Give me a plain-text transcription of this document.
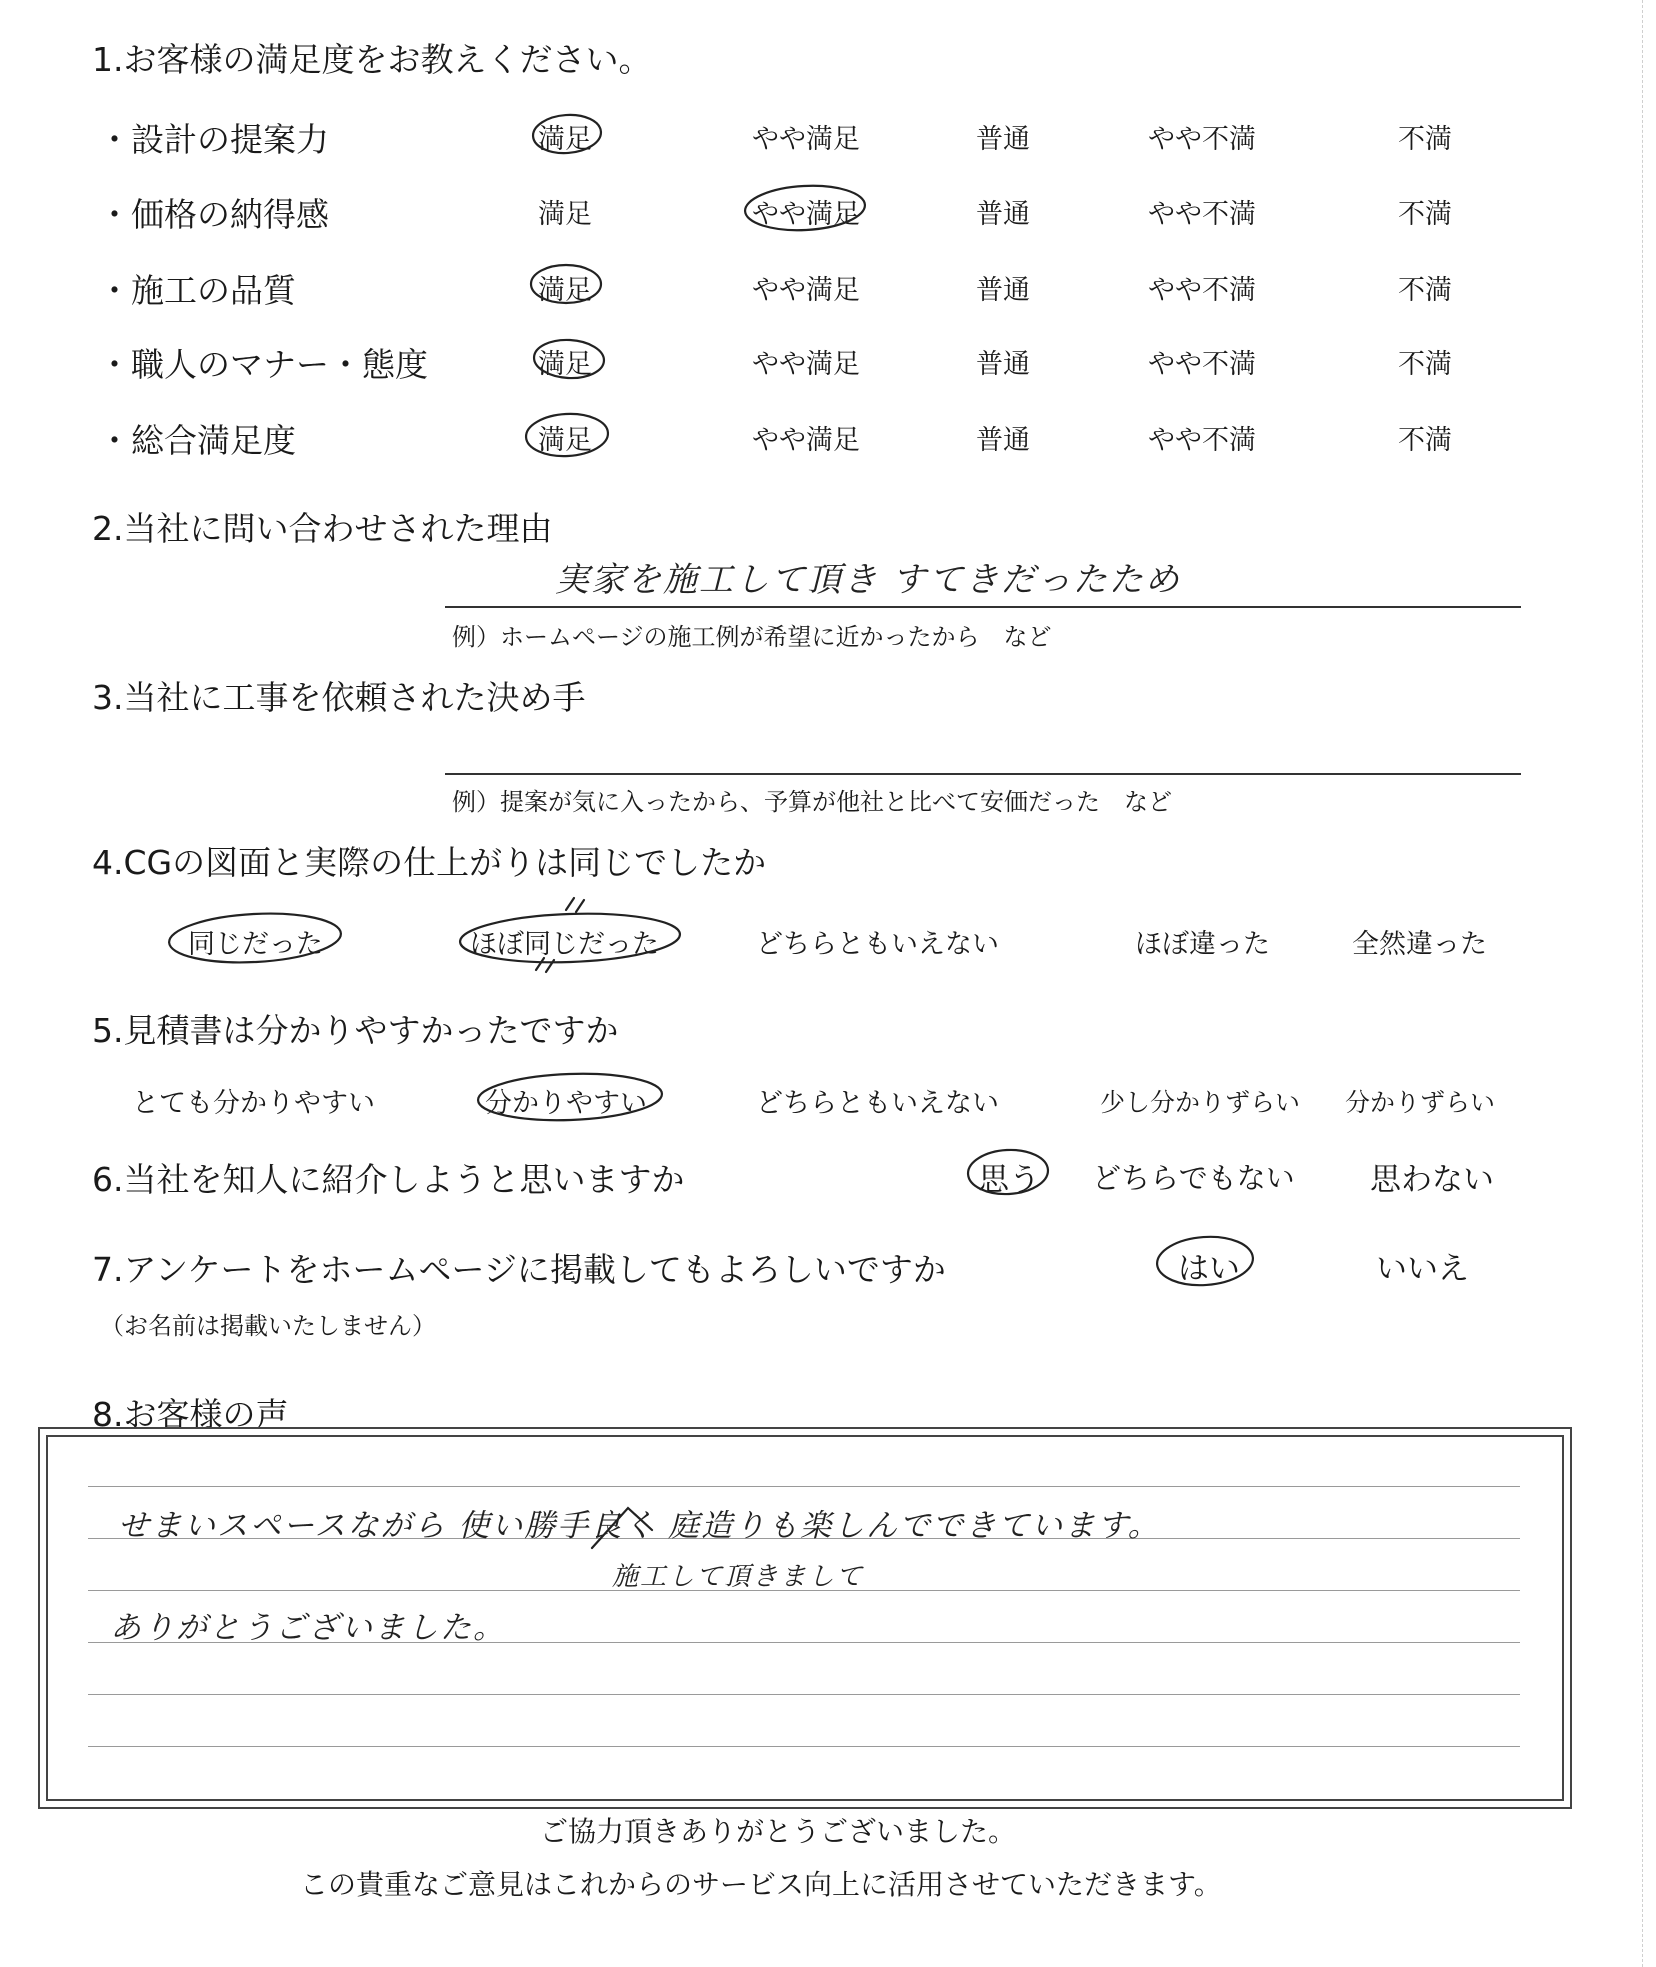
1.お客様の満足度をお教えください。
・設計の提案力	満足	やや満足	普通	やや不満	不満
・価格の納得感	満足	やや満足	普通	やや不満	不満
・施工の品質	満足	やや満足	普通	やや不満	不満
・職人のマナー・態度	満足	やや満足	普通	やや不満	不満
・総合満足度	満足	やや満足	普通	やや不満	不満
2.当社に問い合わせされた理由
実家を施工して頂き すてきだったため
例）ホームページの施工例が希望に近かったから　など
3.当社に工事を依頼された決め手
例）提案が気に入ったから、予算が他社と比べて安価だった　など
4.CGの図面と実際の仕上がりは同じでしたか
同じだった	ほぼ同じだった	どちらともいえない	ほぼ違った	全然違った
5.見積書は分かりやすかったですか
とても分かりやすい	分かりやすい	どちらともいえない	少し分かりずらい 分かりずらい
6.当社を知人に紹介しようと思いますか	思う どちらでもない 思わない
7.アンケートをホームページに掲載してもよろしいですか
（お名前は掲載いたしません）
はい	いいえ
8.お客様の声
せまいスペースながら 使い勝手良く 庭造りも楽しんでできています。
施工して頂きまして
ありがとうございました。
ご協力頂きありがとうございました。
この貴重なご意見はこれからのサービス向上に活用させていただきます。
